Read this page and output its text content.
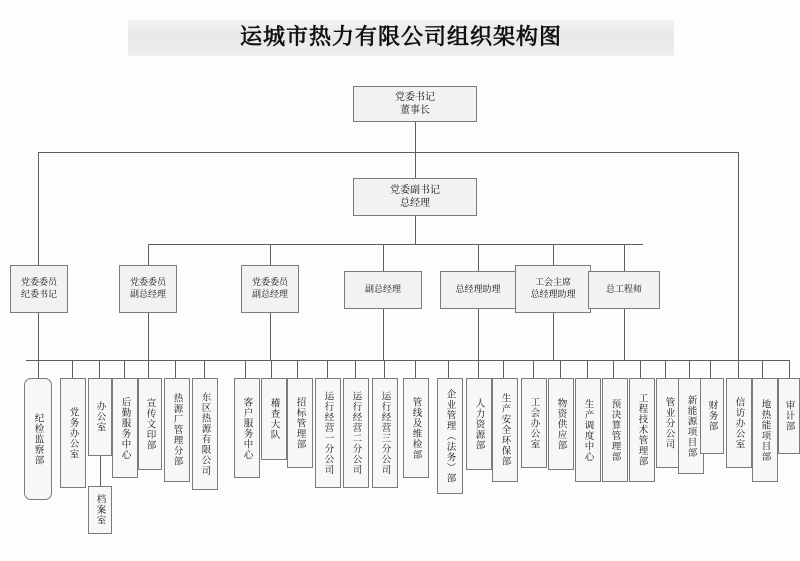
运城市热力有限公司组织架构图
党委书记
董事长
党委副书记
总经理
党委委员
纪委书记
党委委员
副总经理
党委委员
副总经理	副总经理	总经理助理
工会主席
总经理助理	总工程师
纪检监察部	党务办公室 办公室
档案室
后勤服务中心 宣传文印部 热源厂管理分部 东区热源有限公司	客户服务中心 稽查大队 招标管理部 运行经营一分公司 运行经营二分公司 运行经营三分公司 管线及维检部 企业管理（法务）部 人力资源部 生产安全环保部 工会办公室 物资供应部 生产调度中心 预决算管理部 工程技术管理部 管业分公司 新能源项目部 财务部 信访办公室 地热能项目部 审计部
